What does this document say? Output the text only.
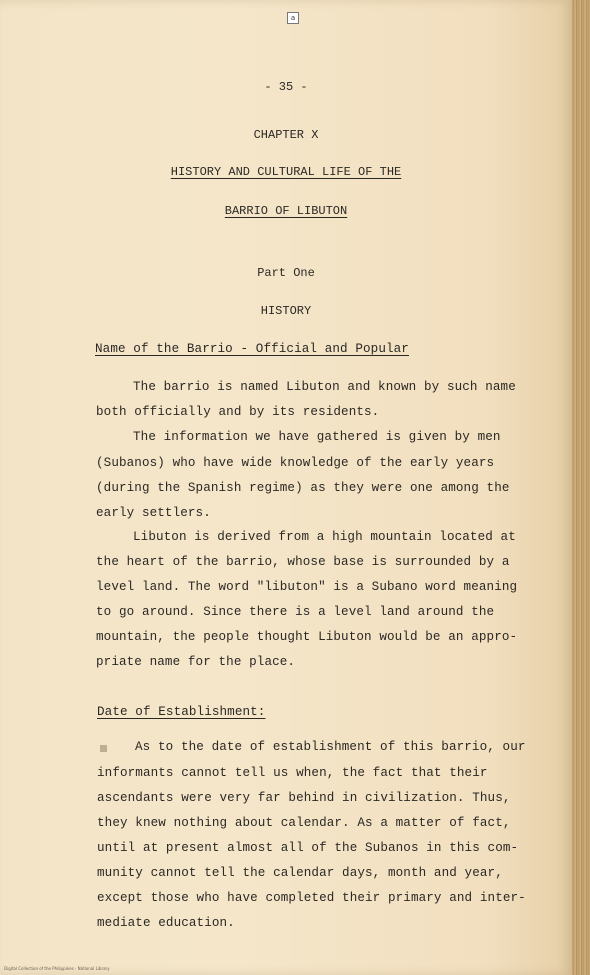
a
- 35 -
CHAPTER X
HISTORY AND CULTURAL LIFE OF THE
BARRIO OF LIBUTON
Part One
HISTORY
Name of the Barrio - Official and Popular
The barrio is named Libuton and known by such name
both officially and by its residents.
The information we have gathered is given by men
(Subanos) who have wide knowledge of the early years
(during the Spanish regime) as they were one among the
early settlers.
Libuton is derived from a high mountain located at
the heart of the barrio, whose base is surrounded by a
level land. The word "libuton" is a Subano word meaning
to go around. Since there is a level land around the
mountain, the people thought Libuton would be an appro-
priate name for the place.
Date of Establishment:
As to the date of establishment of this barrio, our
informants cannot tell us when, the fact that their
ascendants were very far behind in civilization. Thus,
they knew nothing about calendar. As a matter of fact,
until at present almost all of the Subanos in this com-
munity cannot tell the calendar days, month and year,
except those who have completed their primary and inter-
mediate education.
Digital Collection of the Philippines · National Library
